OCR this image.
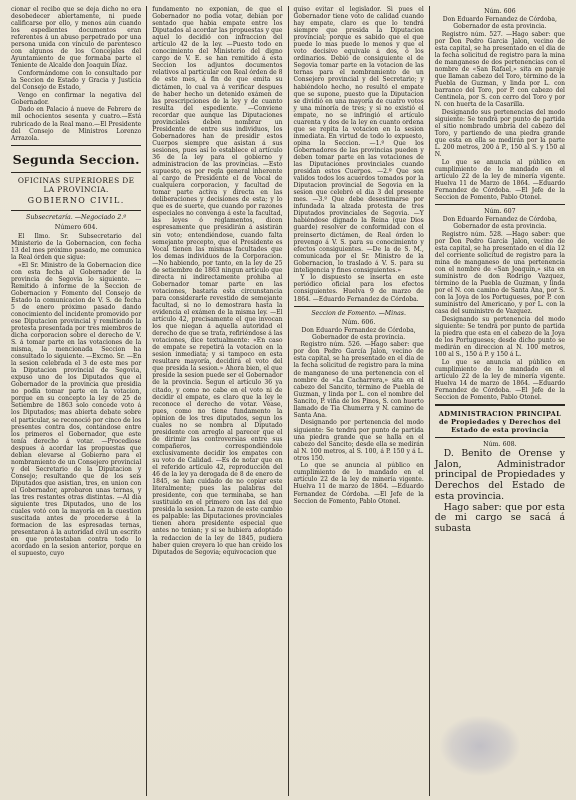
cionar el recibo que se deja dicho no era desobedecer abiertamente, ni puede calificarse por ello, y menos aún cuando los espedientes documentos eran referentes á un abuso perpetrado por una persona unida con vínculo de parentesco con algunos de los Concejales del Ayuntamiento de que formaba parte el Teniente de Alcalde don Joaquin Díaz.

Conformándome con lo consultado por la Seccion de Estado y Gracia y Justicia del Consejo de Estado,

Vengo en confirmar la negativa del Gobernador.

Dado en Palacio á nueve de Febrero de mil ochocientos sesenta y cuatro.—Está rubricado de la Real mano.—El Presidente del Consejo de Ministros Lorenzo Arrazola.

Segunda Seccion.
OFICINAS SUPERIORES DE LA PROVINCIA.
GOBIERNO CIVIL.
Subsecretaría. —Negociado 2.º
Número 604.

El Ilmo. Sr. Subsecretario del Ministerio de la Gobernacion, con fecha 13 del mes próximo pasado, me comunica la Real órden que sigue:

«El Sr. Ministro de la Gobernacion dice con esta fecha al Gobernador de la provincia de Segovia lo siguiente. —Remitido á informe de la Seccion de Gobernacion y Fomento del Consejo de Estado la comunicacion de V. S. de fecha 5 de enero próximo pasado dando conocimiento del incidente promovido por ese Diputacion provincial y remitiendo la protesta presentada por tres miembros de dicha corporacion sobre el derecho de V. S. á tomar parte en las votaciones de la misma, la mencionada Seccion ha consultado lo siguiente. —Excmo. Sr. —En la sesion celebrada el 3 de este mes por la Diputacion provincial de Segovia, expuso uno de los Diputados que el Gobernador de la provincia que presidia no podia tomar parte en la votacion, porque en su concepto la ley de 25 de Setiembre de 1863 solo concede voto á los Diputados; mas abierta debate sobre el particular, se reconoció por cinco de los presentes contra dos, contándose entre los primeros el Gobernador, que este tenía derecho á votar. —Procediose despues á acordar las propuestas que debian elevarse al Gobierno para el nombramiento de un Consejero provincial y del Secretario de la Diputacion y Consejo; resultando que de los seis Diputados que asistian, tres, en union con el Gobernador, aprobaron unas ternas, y las tres restantes otras distintas. —Al dia siguiente tres Diputados, uno de los cuales votó con la mayoría en la cuestion suscitada antes de procederse á la formacion de las espresadas ternas, presentaron á la autoridad civil un escrito en que protestaban contra todo lo acordado en la sesion anterior, porque en el supuesto, cuyo

fundamento no exponian, de que el Gobernador no podia votar, debian por sentado que habia empate entre los Diputados al acordar las propuestas y que aquel lo decidió con infraccion del artículo 42 de la ley. —Puesto todo en conocimiento del Ministerio del digno cargo de V. E. se han remitido á esta Seccion los adjuntos documentos relativos al particular con Real órden de 8 de este mes, á fin de que emita su dictámen, lo cual va á verificar despues de haber hecho un detenido exámen de las prescripciones de la ley y de cuanto resulta del espediente. —Conviene recordar que aunque las Diputaciones provinciales deben nombrar un Presidente de entre sus individuos, los Gobernadores han de presidir estos Cuerpos siempre que asistan á sus sesiones, pues así lo establece el artículo 36 de la ley para el gobierno y administracion de las provincias. —Esto supuesto, es por regla general inherente al cargo de Presidente el de Vocal de cualquiera corporacion, y facultad de tomar parte activa y directa en las deliberaciones y decisiones de esta; y lo que es de suerte, que cuando por razones especiales no convenga á este la facultad, las leyes ó reglamentos, dicen espresamente que presidirán á asistirán sin voto; entendiéndose, cuando falta semejante precepto, que el Presidente es Vocal tienen las mismas facultades que los demas individuos de la Corporacion. —No habiendo, por tanto, en la ley de 25 de setiembre de 1863 ningun artículo que directa ni indirectamente prohiba al Gobernador tomar parte en las votaciones, bastaria esta circunstancia para considerarle revestido de semejante facultad, si no lo demostrara hasta la evidencia el exámen de la misma ley. —El artículo 42, precisamente el que invocan los que niegan á aquella autoridad el derecho de que se trata, refiriéndose á las votaciones, dice textualmente: «En caso de empate se repetirá la votacion en la sesion inmediata; y si tampoco en esta resultare mayoría, decidirá el voto del que presida la sesion.» Ahora bien, el que preside la sesion puede ser el Gobernador de la provincia. Segun el artículo 36 ya citado, y como no cabe en el voto ni de decidir el empate, es claro que la ley le reconoce el derecho de votar. Véase, pues, como no tiene fundamento la opinion de los tres diputados, segun los cuales no se nombra al Diputado presidente con arreglo al parecer que el de dirimir las controversias entre sus compañeros, correspondiéndole exclusivamente decidir los empates con su voto de Calidad. —Es de notar que en el referido artículo 42, reproducción del 46 de la ley ya derogada de 8 de enero de 1845, se han cuidado de no copiar este literalmente; pues las palabras del presidente, con que terminaba, se han sustituido en el primero con las del que presida la sesion. La razon de este cambio es palpable: las Diputaciones provinciales tienen ahora presidente especial que antes no tenian; y si se hubiera adoptado la redaccion de la ley de 1845, pudiera haber quien creyera lo que han creido los Diputados de Segovia; equivocacion que

quiso evitar el legislador. Si pues el Gobernador tiene voto de calidad cuando hay empate, claro es que lo tendrá siempre que presida la Diputacion provincial; porque es sabido que el que puede lo mas puede lo menos y que el voto decisivo equivale á dos, ó los ordinarios. Debió de consiguiente el de Segovia tomar parte en la votacion de las ternas para el nombramiento de un Consejero provincial y del Secretario; y habiéndolo hecho, no resultó el empate que se supone, puesto que la Diputacion se dividió en una mayoría de cuatro votos y una minoría de tres; y si no existió el empate, no se infringió el artículo cuarenta y dos de la ley en cuanto ordena que se repita la votacion en la sesion inmediata. En virtud de todo lo expuesto, opina la Seccion. —1.º Que los Gobernadores de las provincias pueden y deben tomar parte en las votaciones de las Diputaciones provinciales cuando presidan estos Cuerpos. —2.º Que son validos todos los acuerdos tomados por la Diputacion provincial de Segovia en la sesion que celebró el dia 3 del presente mes. —3.º Que debe desestimarse por infundada la alzada protesta de tres Diputados provinciales de Segovia. —Y habiéndose dignado la Reina (que Dios guarde) resolver de conformidad con el preinserto dictámen, de Real órden lo prevengo á V. S. para su conocimiento y efectos consiguientes. —De la de S. M., comunicada por el Sr. Ministro de la Gobernacion, lo traslado á V. S. para su inteligencia y fines consiguientes.»

Y lo dispuesto se inserta en este periódico oficial para los efectos consiguientes. Huelva 9 de marzo de 1864. —Eduardo Fernandez de Córdoba.

Seccion de Fomento. —Minas.
Núm. 606.

Don Eduardo Fernandez de Córdoba, Gobernador de esta provincia.

Registro núm. 526. —Hago saber: que por don Pedro García Jalon, vecino de esta capital, se ha presentado en el dia de la fecha solicitud de registro para la mina de manganeso de una pertenencia con el nombre de «La Cacharrera,» sita en el cabezo del Sancito, término de Puebla de Guzman, y linda por L. con el nombre del Sancito, P. viña de los Pinos, S. con huerto llamado de Tia Chumerra y N. camino de Santa Ana.

Designando por pertenencia del modo siguiente: Se tendrá por punto de partida una piedra grande que se halla en el cabezo del Sancito; desde ella se medirán al N. 100 metros, al S. 100, á P. 150 y á L. otros 150.

Lo que se anuncia al público en cumplimiento de lo mandado en el artículo 22 de la ley de minería vigente. Huelva 11 de marzo de 1864. —Eduardo Fernandez de Córdoba. —El Jefe de la Seccion de Fomento, Pablo Otonel.

Núm. 606

Don Eduardo Fernandez de Córdoba, Gobernador de esta provincia.

Registro núm. 527. —Hago saber: que por Don Pedro Garcia Jalon, vecino de esta capital, se ha presentado en el dia de la fecha solicitud de registro para la mina de manganeso de dos pertenencias con el nombre de «San Rafael,» sita en paraje que llaman cabezo del Toro, término de la Puebla de Guzman, y linda por L. con barranco del Toro, por P. con cabezo del Centinela, por S. con cerro del Toro y por N. con huerta de la Casarilla.

Designando sus pertenencias del modo siguiente: Se tendrá por punto de partida el sitio nombrado umbría del cabezo del Toro, y partiendo de una piedra grande que esta en ella se medirán por la parte L. 200 metros, 200 á P., 150 al S. y 150 al N.

Lo que se anuncia al público en cumplimiento de lo mandado en el artículo 22 de la ley de minería vigente. Huelva 11 de Marzo de 1864. —Eduardo Fernandez de Córdoba. —El Jefe de la Seccion de Fomento, Pablo Otonel.

Núm. 607

Don Eduardo Fernandez de Córdoba, Gobernador de esta provincia.

Registro núm. 528. —Hago saber: que por Don Pedro García Jalon, vecino de esta capital, se ha presentado en el dia 12 del corriente solicitud de registro para la mina de manganeso de una pertenencia con el nombre de «San Joaquin,» sita en suministro de don Rodrigo Vazquez, término de la Puebla de Guzman, y linda por el N. con camino de Santa Ana, por S. con la Joya de los Portugueses, por P. con suministro del Americano, y por L. con la casa del suministro de Vazquez.

Designando su pertenencia del modo siguiente: Se tendrá por punto de partida la piedra que esta en el cabezo de la Joya de los Portugueses; desde dicho punto se medirán en direccion al N. 100 metros, 100 al S., 150 á P. y 150 á L.

Lo que se anuncia al público en cumplimiento de lo mandado en el artículo 22 de la ley de minería vigente. Huelva 14 de marzo de 1864. —Eduardo Fernandez de Córdoba. —El Jefe de la Seccion de Fomento, Pablo Otonel.

ADMINISTRACION PRINCIPAL de Propiedades y Derechos del Estado de esta provincia
Núm. 608.

D. Benito de Orense y Jalon, Administrador principal de Propiedades y Derechos del Estado de esta provincia.

Hago saber: que por esta de mi cargo se sacá á subasta
